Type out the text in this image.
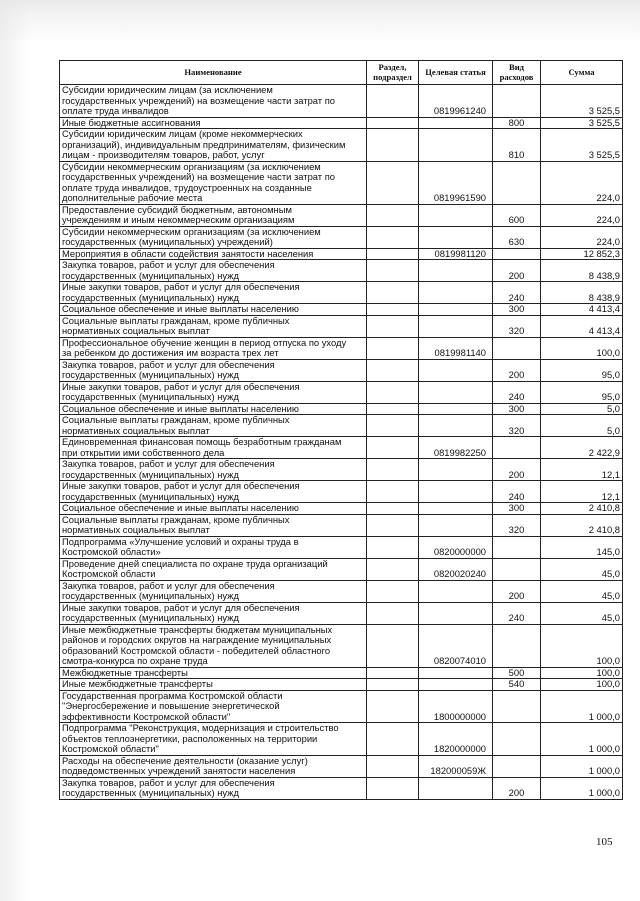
Наименование	Раздел, подраздел	Целевая статья	Вид расходов	Сумма
Субсидии юридическим лицам (за исключением
государственных учреждений) на возмещение части затрат по
оплате труда инвалидов		0819961240		3 525,5
Иные бюджетные ассигнования			800	3 525,5
Субсидии юридическим лицам (кроме некоммерческих
организаций), индивидуальным предпринимателям, физическим
лицам - производителям товаров, работ, услуг			810	3 525,5
Субсидии некоммерческим организациям (за исключением
государственных учреждений) на возмещение части затрат по
оплате труда инвалидов, трудоустроенных на созданные
дополнительные рабочие места		0819961590		224,0
Предоставление субсидий бюджетным, автономным
учреждениям и иным некоммерческим организациям			600	224,0
Субсидии некоммерческим организациям (за исключением
государственных (муниципальных) учреждений)			630	224,0
Мероприятия в области содействия занятости населения		0819981120		12 852,3
Закупка товаров, работ и услуг для обеспечения
государственных (муниципальных) нужд			200	8 438,9
Иные закупки товаров, работ и услуг для обеспечения
государственных (муниципальных) нужд			240	8 438,9
Социальное обеспечение и иные выплаты населению			300	4 413,4
Социальные выплаты гражданам, кроме публичных
нормативных социальных выплат			320	4 413,4
Профессиональное обучение женщин в период отпуска по уходу
за ребенком до достижения им возраста трех лет		0819981140		100,0
Закупка товаров, работ и услуг для обеспечения
государственных (муниципальных) нужд			200	95,0
Иные закупки товаров, работ и услуг для обеспечения
государственных (муниципальных) нужд			240	95,0
Социальное обеспечение и иные выплаты населению			300	5,0
Социальные выплаты гражданам, кроме публичных
нормативных социальных выплат			320	5,0
Единовременная финансовая помощь безработным гражданам
при открытии ими собственного дела		0819982250		2 422,9
Закупка товаров, работ и услуг для обеспечения
государственных (муниципальных) нужд			200	12,1
Иные закупки товаров, работ и услуг для обеспечения
государственных (муниципальных) нужд			240	12,1
Социальное обеспечение и иные выплаты населению			300	2 410,8
Социальные выплаты гражданам, кроме публичных
нормативных социальных выплат			320	2 410,8
Подпрограмма «Улучшение условий и охраны труда в
Костромской области»		0820000000		145,0
Проведение дней специалиста по охране труда организаций
Костромской области		0820020240		45,0
Закупка товаров, работ и услуг для обеспечения
государственных (муниципальных) нужд			200	45,0
Иные закупки товаров, работ и услуг для обеспечения
государственных (муниципальных) нужд			240	45,0
Иные межбюджетные трансферты бюджетам муниципальных
районов и городских округов на награждение муниципальных
образований Костромской области - победителей областного
смотра-конкурса по охране труда		0820074010		100,0
Межбюджетные трансферты			500	100,0
Иные межбюджетные трансферты			540	100,0
Государственная программа Костромской области
"Энергосбережение и повышение энергетической
эффективности Костромской области"		1800000000		1 000,0
Подпрограмма "Реконструкция, модернизация и строительство
объектов теплоэнергетики, расположенных на территории
Костромской области"		1820000000		1 000,0
Расходы на обеспечение деятельности (оказание услуг)
подведомственных учреждений занятости населения		182000059Ж		1 000,0
Закупка товаров, работ и услуг для обеспечения
государственных (муниципальных) нужд			200	1 000,0
105
